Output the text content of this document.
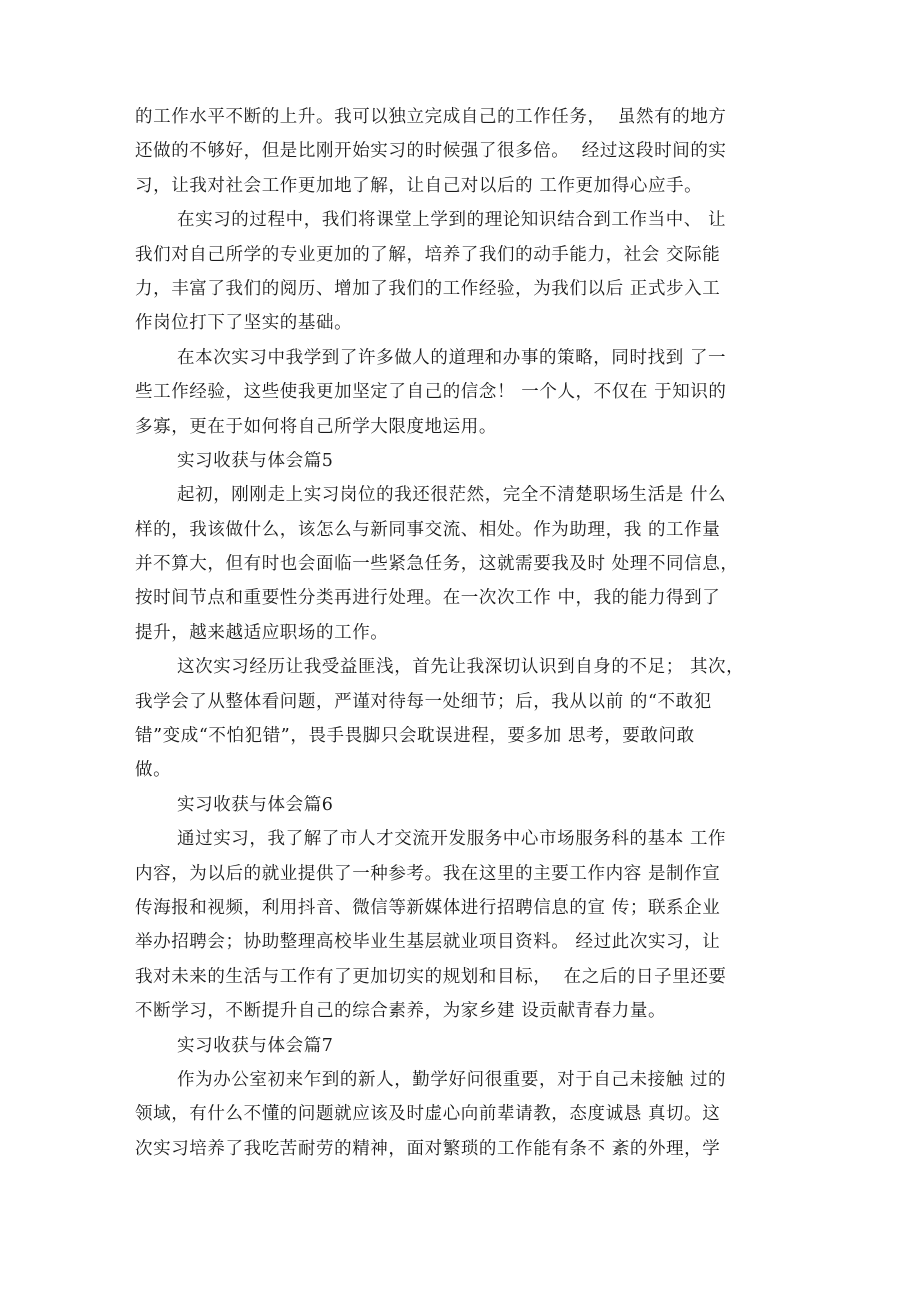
的工作水平不断的上升。我可以独立完成自己的工作任务，  虽然有的地方
还做的不够好，但是比刚开始实习的时候强了很多倍。  经过这段时间的实
习，让我对社会工作更加地了解，让自己对以后的 工作更加得心应手。
在实习的过程中，我们将课堂上学到的理论知识结合到工作当中、 让
我们对自己所学的专业更加的了解，培养了我们的动手能力，社会 交际能
力，丰富了我们的阅历、增加了我们的工作经验，为我们以后 正式步入工
作岗位打下了坚实的基础。
在本次实习中我学到了许多做人的道理和办事的策略，同时找到 了一
些工作经验，这些使我更加坚定了自己的信念！ 一个人，不仅在 于知识的
多寡，更在于如何将自己所学大限度地运用。
实习收获与体会篇5
起初，刚刚走上实习岗位的我还很茫然，完全不清楚职场生活是 什么
样的，我该做什么，该怎么与新同事交流、相处。作为助理，我 的工作量
并不算大，但有时也会面临一些紧急任务，这就需要我及时 处理不同信息，
按时间节点和重要性分类再进行处理。在一次次工作 中，我的能力得到了
提升，越来越适应职场的工作。
这次实习经历让我受益匪浅，首先让我深切认识到自身的不足； 其次，
我学会了从整体看问题，严谨对待每一处细节；后，我从以前 的“不敢犯
错”变成“不怕犯错”，畏手畏脚只会耽误进程，要多加 思考，要敢问敢
做。
实习收获与体会篇6
通过实习，我了解了市人才交流开发服务中心市场服务科的基本 工作
内容，为以后的就业提供了一种参考。我在这里的主要工作内容 是制作宣
传海报和视频，利用抖音、微信等新媒体进行招聘信息的宣 传；联系企业
举办招聘会；协助整理高校毕业生基层就业项目资料。 经过此次实习，让
我对未来的生活与工作有了更加切实的规划和目标，  在之后的日子里还要
不断学习，不断提升自己的综合素养，为家乡建 设贡献青春力量。
实习收获与体会篇7
作为办公室初来乍到的新人，勤学好问很重要，对于自己未接触 过的
领域，有什么不懂的问题就应该及时虚心向前辈请教，态度诚恳 真切。这
次实习培养了我吃苦耐劳的精神，面对繁琐的工作能有条不 紊的外理，学
